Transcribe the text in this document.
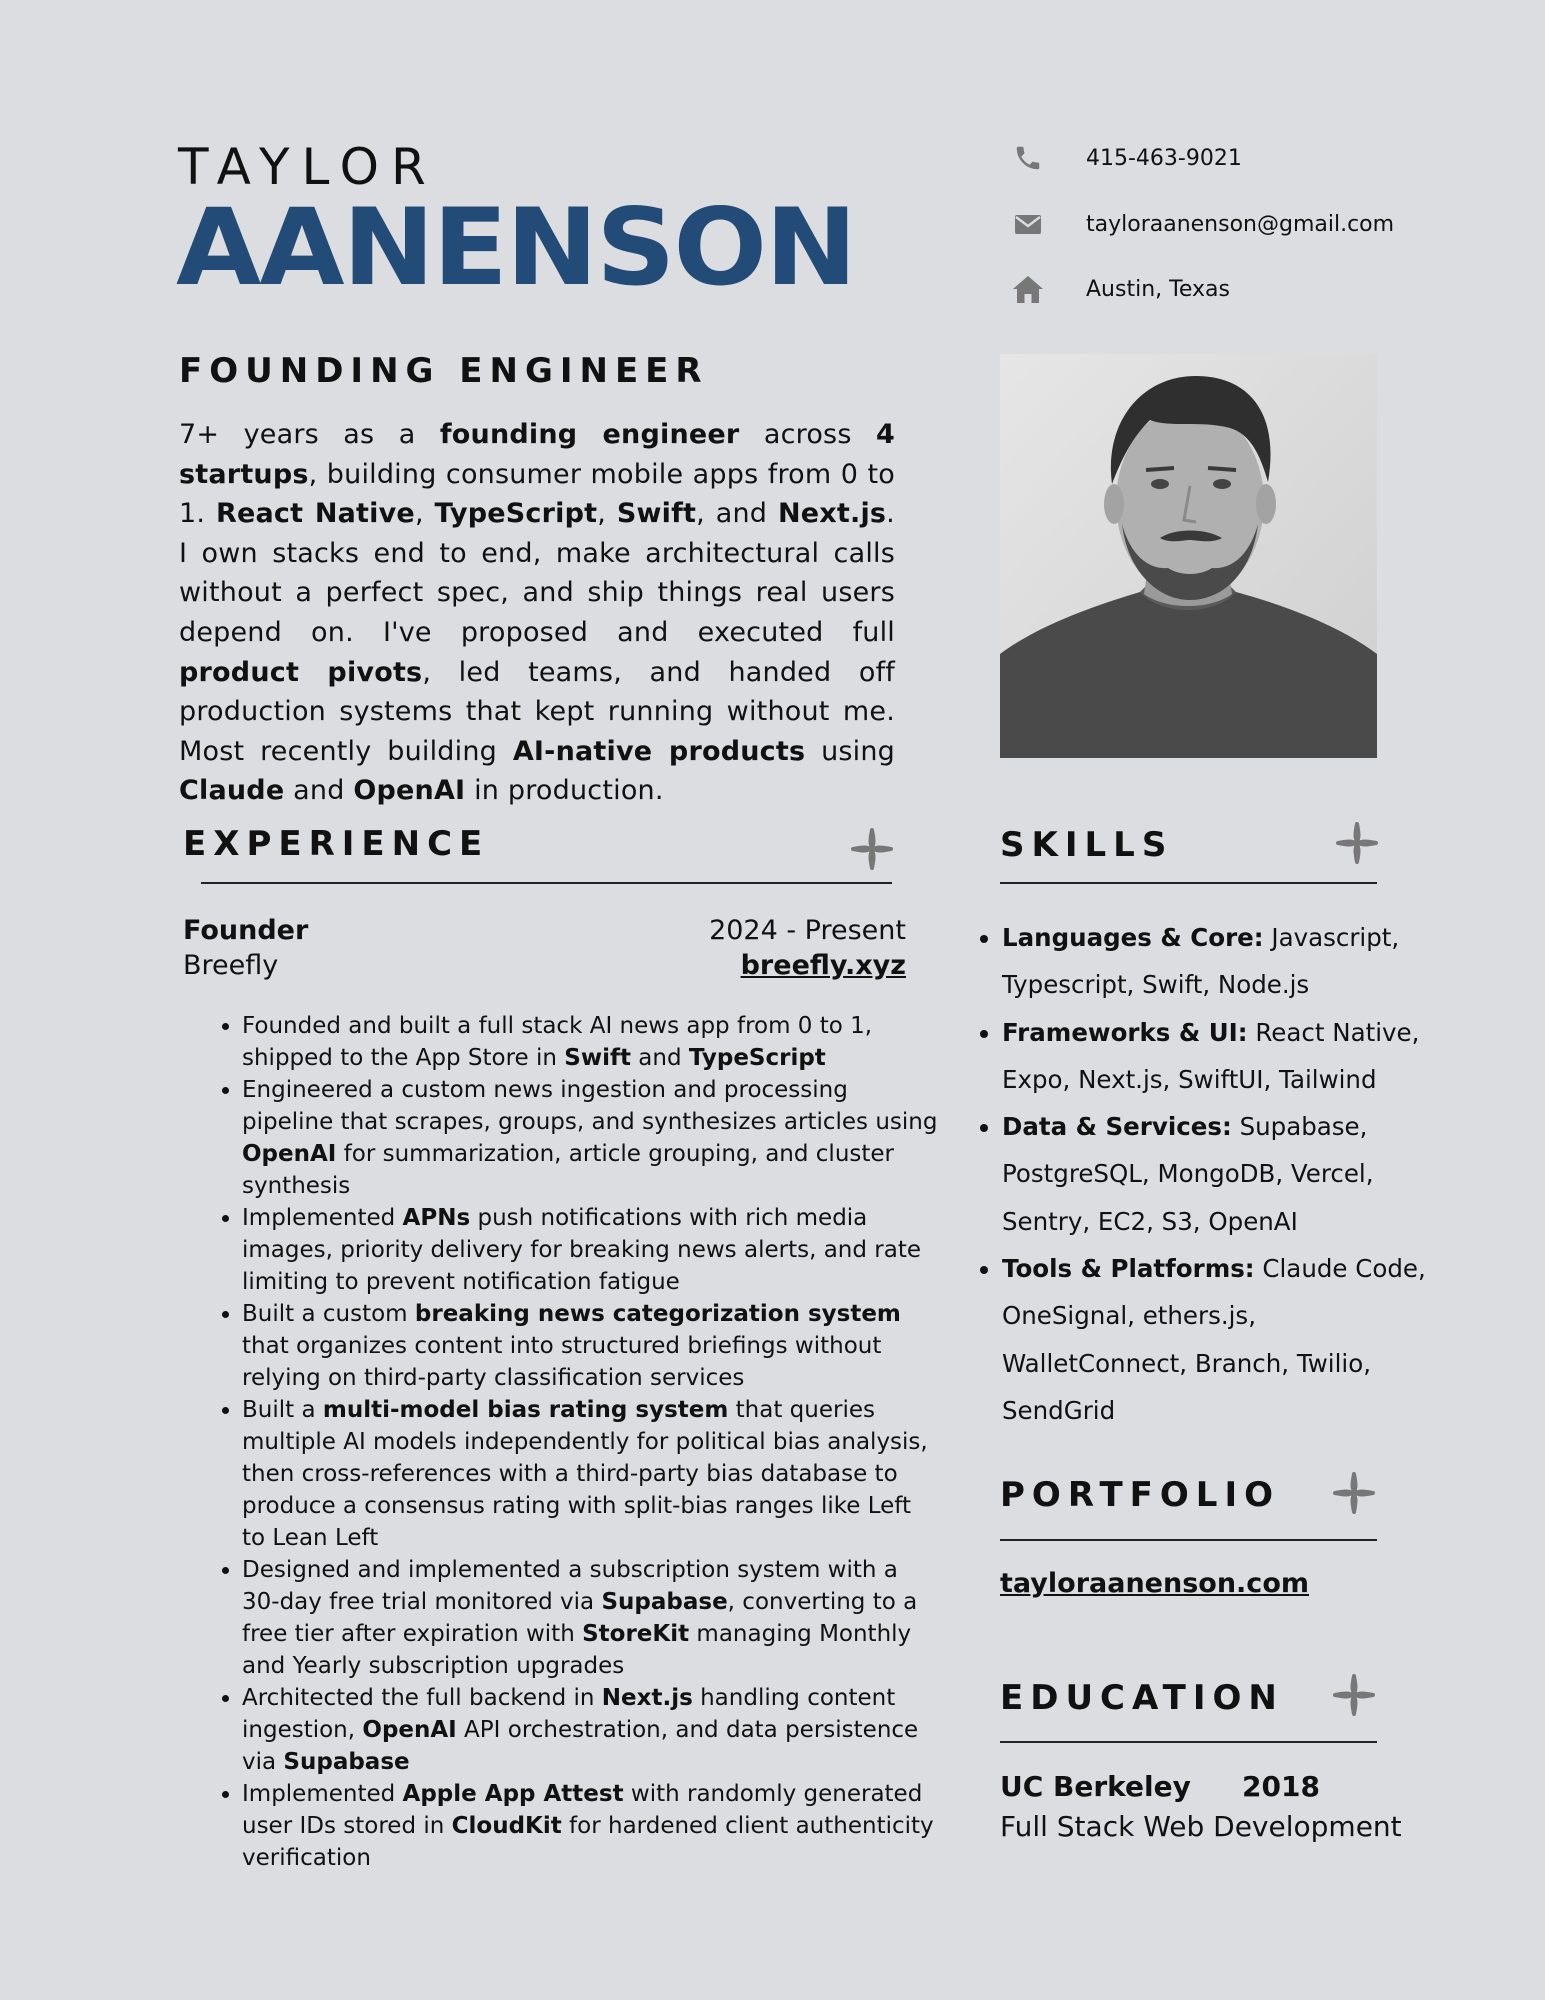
TAYLOR
AANENSON
FOUNDING ENGINEER
7+ years as a founding engineer across 4 startups, building consumer mobile apps from 0 to 1. React Native, TypeScript, Swift, and Next.js. I own stacks end to end, make architectural calls without a perfect spec, and ship things real users depend on. I've proposed and executed full product pivots, led teams, and handed off production systems that kept running without me. Most recently building AI-native products using Claude and OpenAI in production.
415-463-9021
tayloraanenson@gmail.com
Austin, Texas
EXPERIENCE
Founder
Breefly
2024 - Present
breefly.xyz
• Founded and built a full stack AI news app from 0 to 1, shipped to the App Store in Swift and TypeScript
• Engineered a custom news ingestion and processing pipeline that scrapes, groups, and synthesizes articles using OpenAI for summarization, article grouping, and cluster synthesis
• Implemented APNs push notifications with rich media images, priority delivery for breaking news alerts, and rate limiting to prevent notification fatigue
• Built a custom breaking news categorization system that organizes content into structured briefings without relying on third-party classification services
• Built a multi-model bias rating system that queries multiple AI models independently for political bias analysis, then cross-references with a third-party bias database to produce a consensus rating with split-bias ranges like Left to Lean Left
• Designed and implemented a subscription system with a 30-day free trial monitored via Supabase, converting to a free tier after expiration with StoreKit managing Monthly and Yearly subscription upgrades
• Architected the full backend in Next.js handling content ingestion, OpenAI API orchestration, and data persistence via Supabase
• Implemented Apple App Attest with randomly generated user IDs stored in CloudKit for hardened client authenticity verification
SKILLS
• Languages & Core: Javascript, Typescript, Swift, Node.js
• Frameworks & UI: React Native, Expo, Next.js, SwiftUI, Tailwind
• Data & Services: Supabase, PostgreSQL, MongoDB, Vercel, Sentry, EC2, S3, OpenAI
• Tools & Platforms: Claude Code, OneSignal, ethers.js, WalletConnect, Branch, Twilio, SendGrid
PORTFOLIO
tayloraanenson.com
EDUCATION
UC Berkeley 2018
Full Stack Web Development
